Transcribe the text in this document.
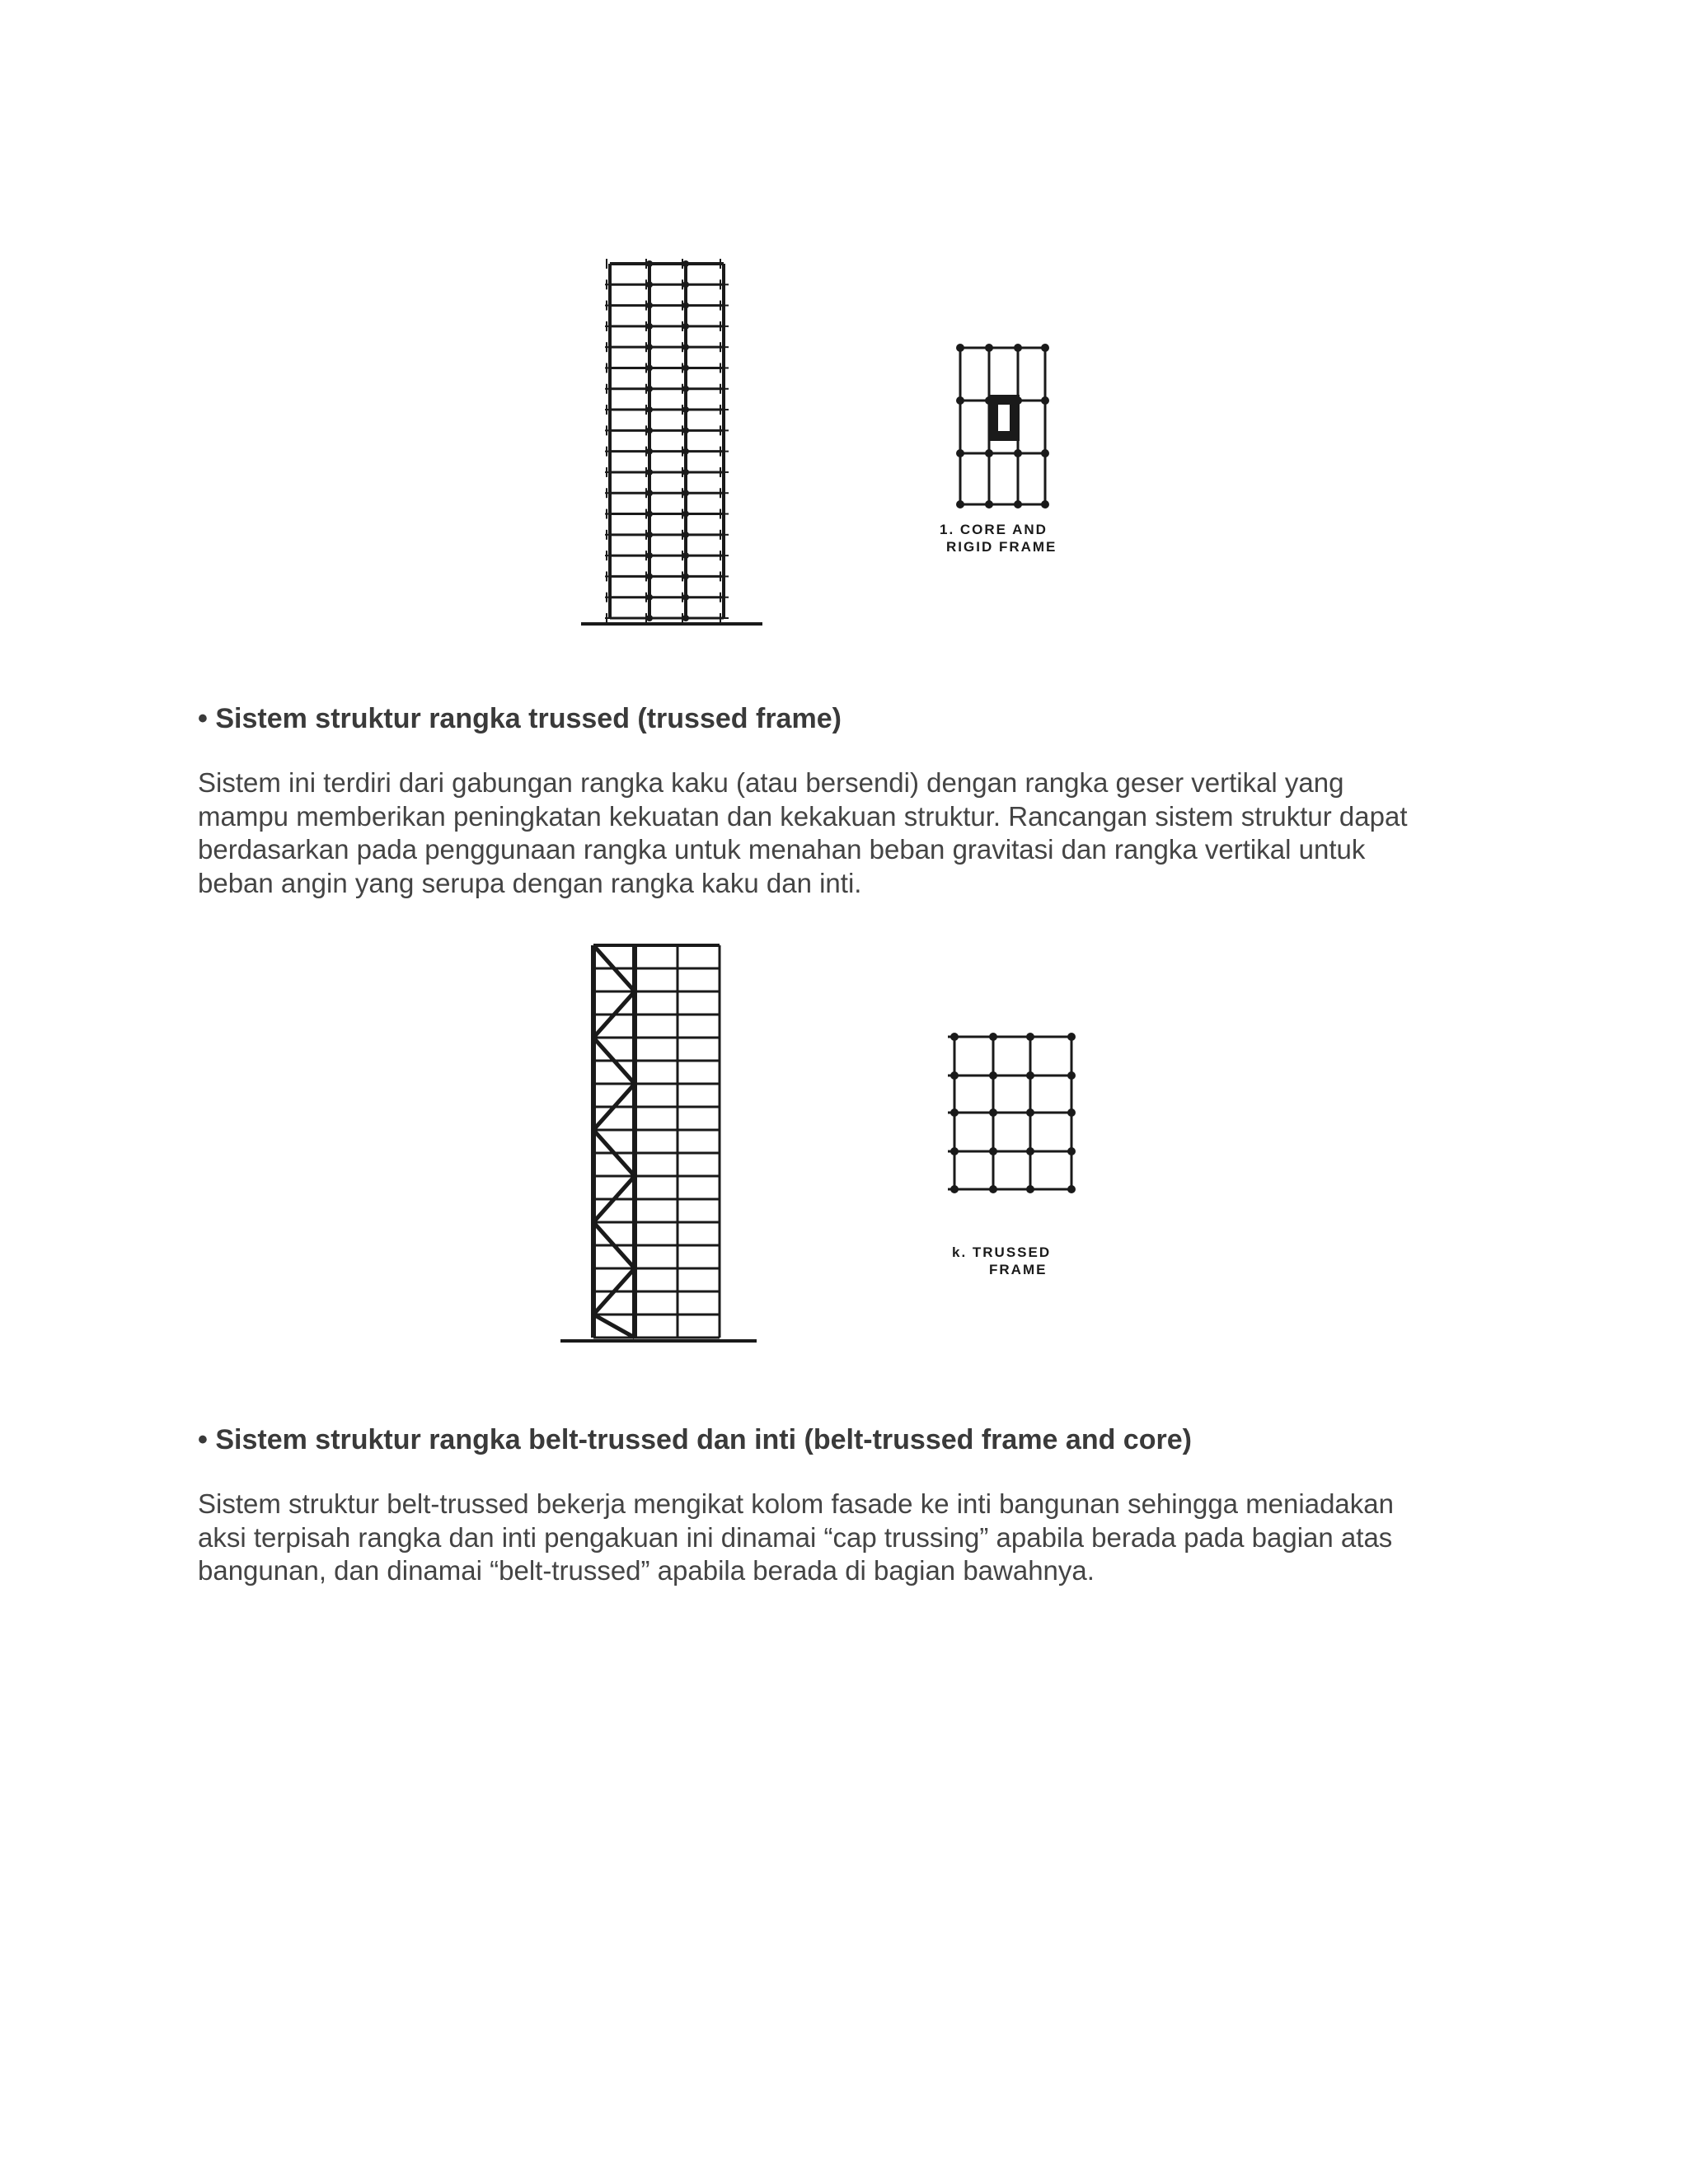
1. CORE AND
RIGID FRAME
• Sistem struktur rangka trussed (trussed frame)
Sistem ini terdiri dari gabungan rangka kaku (atau bersendi) dengan rangka geser vertikal yang
mampu memberikan peningkatan kekuatan dan kekakuan struktur. Rancangan sistem struktur dapat
berdasarkan pada penggunaan rangka untuk menahan beban gravitasi dan rangka vertikal untuk
beban angin yang serupa dengan rangka kaku dan inti.
k. TRUSSED
FRAME
• Sistem struktur rangka belt-trussed dan inti (belt-trussed frame and core)
Sistem struktur belt-trussed bekerja mengikat kolom fasade ke inti bangunan sehingga meniadakan
aksi terpisah rangka dan inti pengakuan ini dinamai “cap trussing” apabila berada pada bagian atas
bangunan, dan dinamai “belt-trussed” apabila berada di bagian bawahnya.
